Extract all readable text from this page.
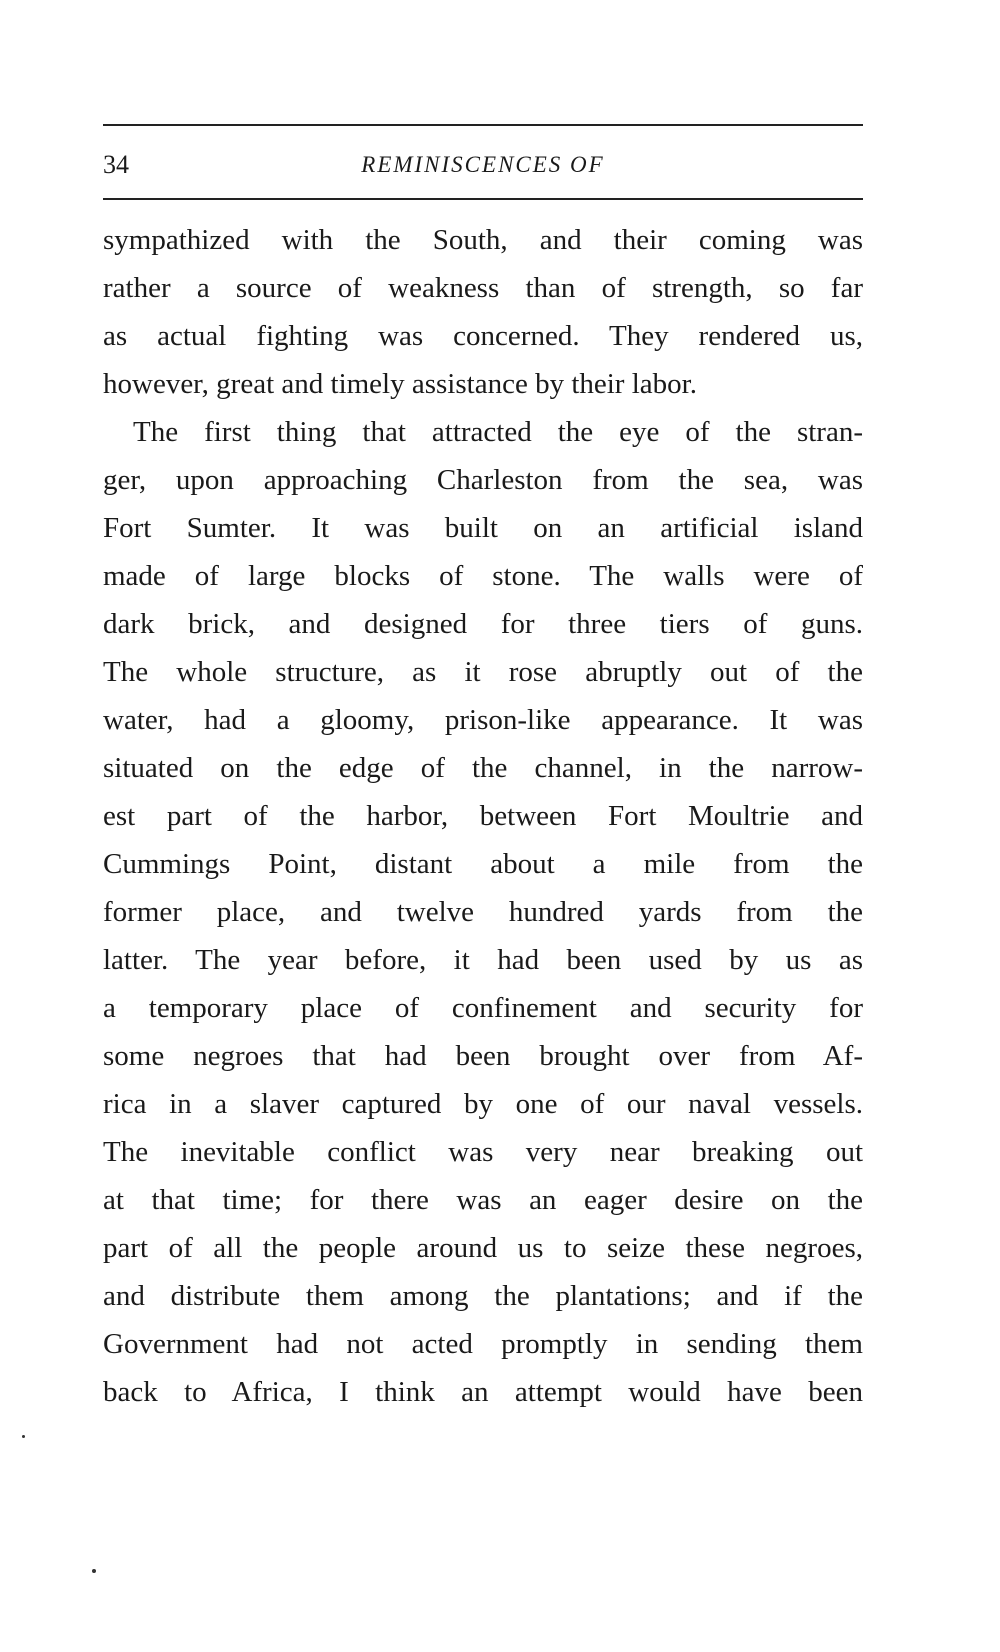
34	REMINISCENCES OF
sympathized with the South, and their coming was
rather a source of weakness than of strength, so far
as actual fighting was concerned. They rendered us,
however, great and timely assistance by their labor.
The first thing that attracted the eye of the stran-
ger, upon approaching Charleston from the sea, was
Fort Sumter. It was built on an artificial island
made of large blocks of stone. The walls were of
dark brick, and designed for three tiers of guns.
The whole structure, as it rose abruptly out of the
water, had a gloomy, prison-like appearance. It was
situated on the edge of the channel, in the narrow-
est part of the harbor, between Fort Moultrie and
Cummings Point, distant about a mile from the
former place, and twelve hundred yards from the
latter. The year before, it had been used by us as
a temporary place of confinement and security for
some negroes that had been brought over from Af-
rica in a slaver captured by one of our naval vessels.
The inevitable conflict was very near breaking out
at that time; for there was an eager desire on the
part of all the people around us to seize these negroes,
and distribute them among the plantations; and if the
Government had not acted promptly in sending them
back to Africa, I think an attempt would have been
